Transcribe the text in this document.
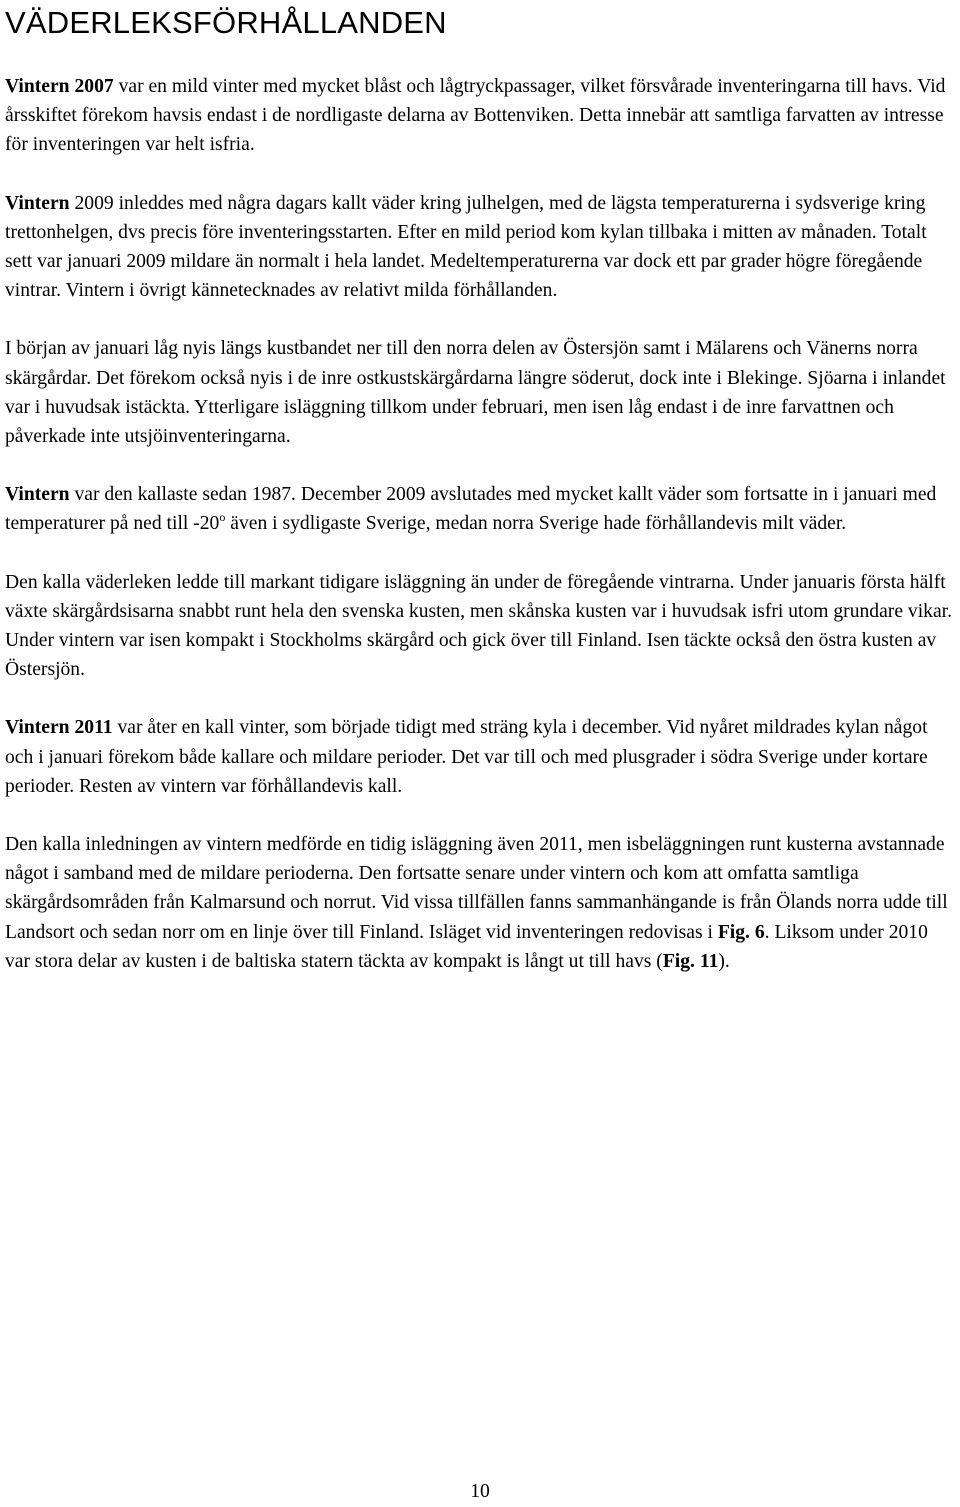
VÄDERLEKSFÖRHÅLLANDEN

Vintern 2007 var en mild vinter med mycket blåst och lågtryckpassager, vilket försvårade inventeringarna till havs. Vid årsskiftet förekom havsis endast i de nordligaste delarna av Bottenviken. Detta innebär att samtliga farvatten av intresse för inventeringen var helt isfria.

Vintern 2009 inleddes med några dagars kallt väder kring julhelgen, med de lägsta temperaturerna i sydsverige kring trettonhelgen, dvs precis före inventeringsstarten. Efter en mild period kom kylan tillbaka i mitten av månaden. Totalt sett var januari 2009 mildare än normalt i hela landet. Medeltemperaturerna var dock ett par grader högre föregående vintrar. Vintern i övrigt kännetecknades av relativt milda förhållanden.

I början av januari låg nyis längs kustbandet ner till den norra delen av Östersjön samt i Mälarens och Vänerns norra skärgårdar. Det förekom också nyis i de inre ostkustskärgårdarna längre söderut, dock inte i Blekinge. Sjöarna i inlandet var i huvudsak istäckta. Ytterligare isläggning tillkom under februari, men isen låg endast i de inre farvattnen och påverkade inte utsjöinventeringarna.

Vintern var den kallaste sedan 1987. December 2009 avslutades med mycket kallt väder som fortsatte in i januari med temperaturer på ned till -20$^o$ även i sydligaste Sverige, medan norra Sverige hade förhållandevis milt väder.

Den kalla väderleken ledde till markant tidigare isläggning än under de föregående vintrarna. Under januaris första hälft växte skärgårdsisarna snabbt runt hela den svenska kusten, men skånska kusten var i huvudsak isfri utom grundare vikar. Under vintern var isen kompakt i Stockholms skärgård och gick över till Finland. Isen täckte också den östra kusten av Östersjön.

Vintern 2011 var åter en kall vinter, som började tidigt med sträng kyla i december. Vid nyåret mildrades kylan något och i januari förekom både kallare och mildare perioder. Det var till och med plusgrader i södra Sverige under kortare perioder. Resten av vintern var förhållandevis kall.

Den kalla inledningen av vintern medförde en tidig isläggning även 2011, men isbeläggningen runt kusterna avstannade något i samband med de mildare perioderna. Den fortsatte senare under vintern och kom att omfatta samtliga skärgårdsområden från Kalmarsund och norrut. Vid vissa tillfällen fanns sammanhängande is från Ölands norra udde till Landsort och sedan norr om en linje över till Finland. Isläget vid inventeringen redovisas i Fig. 6. Liksom under 2010 var stora delar av kusten i de baltiska statern täckta av kompakt is långt ut till havs (Fig. 11).

10
